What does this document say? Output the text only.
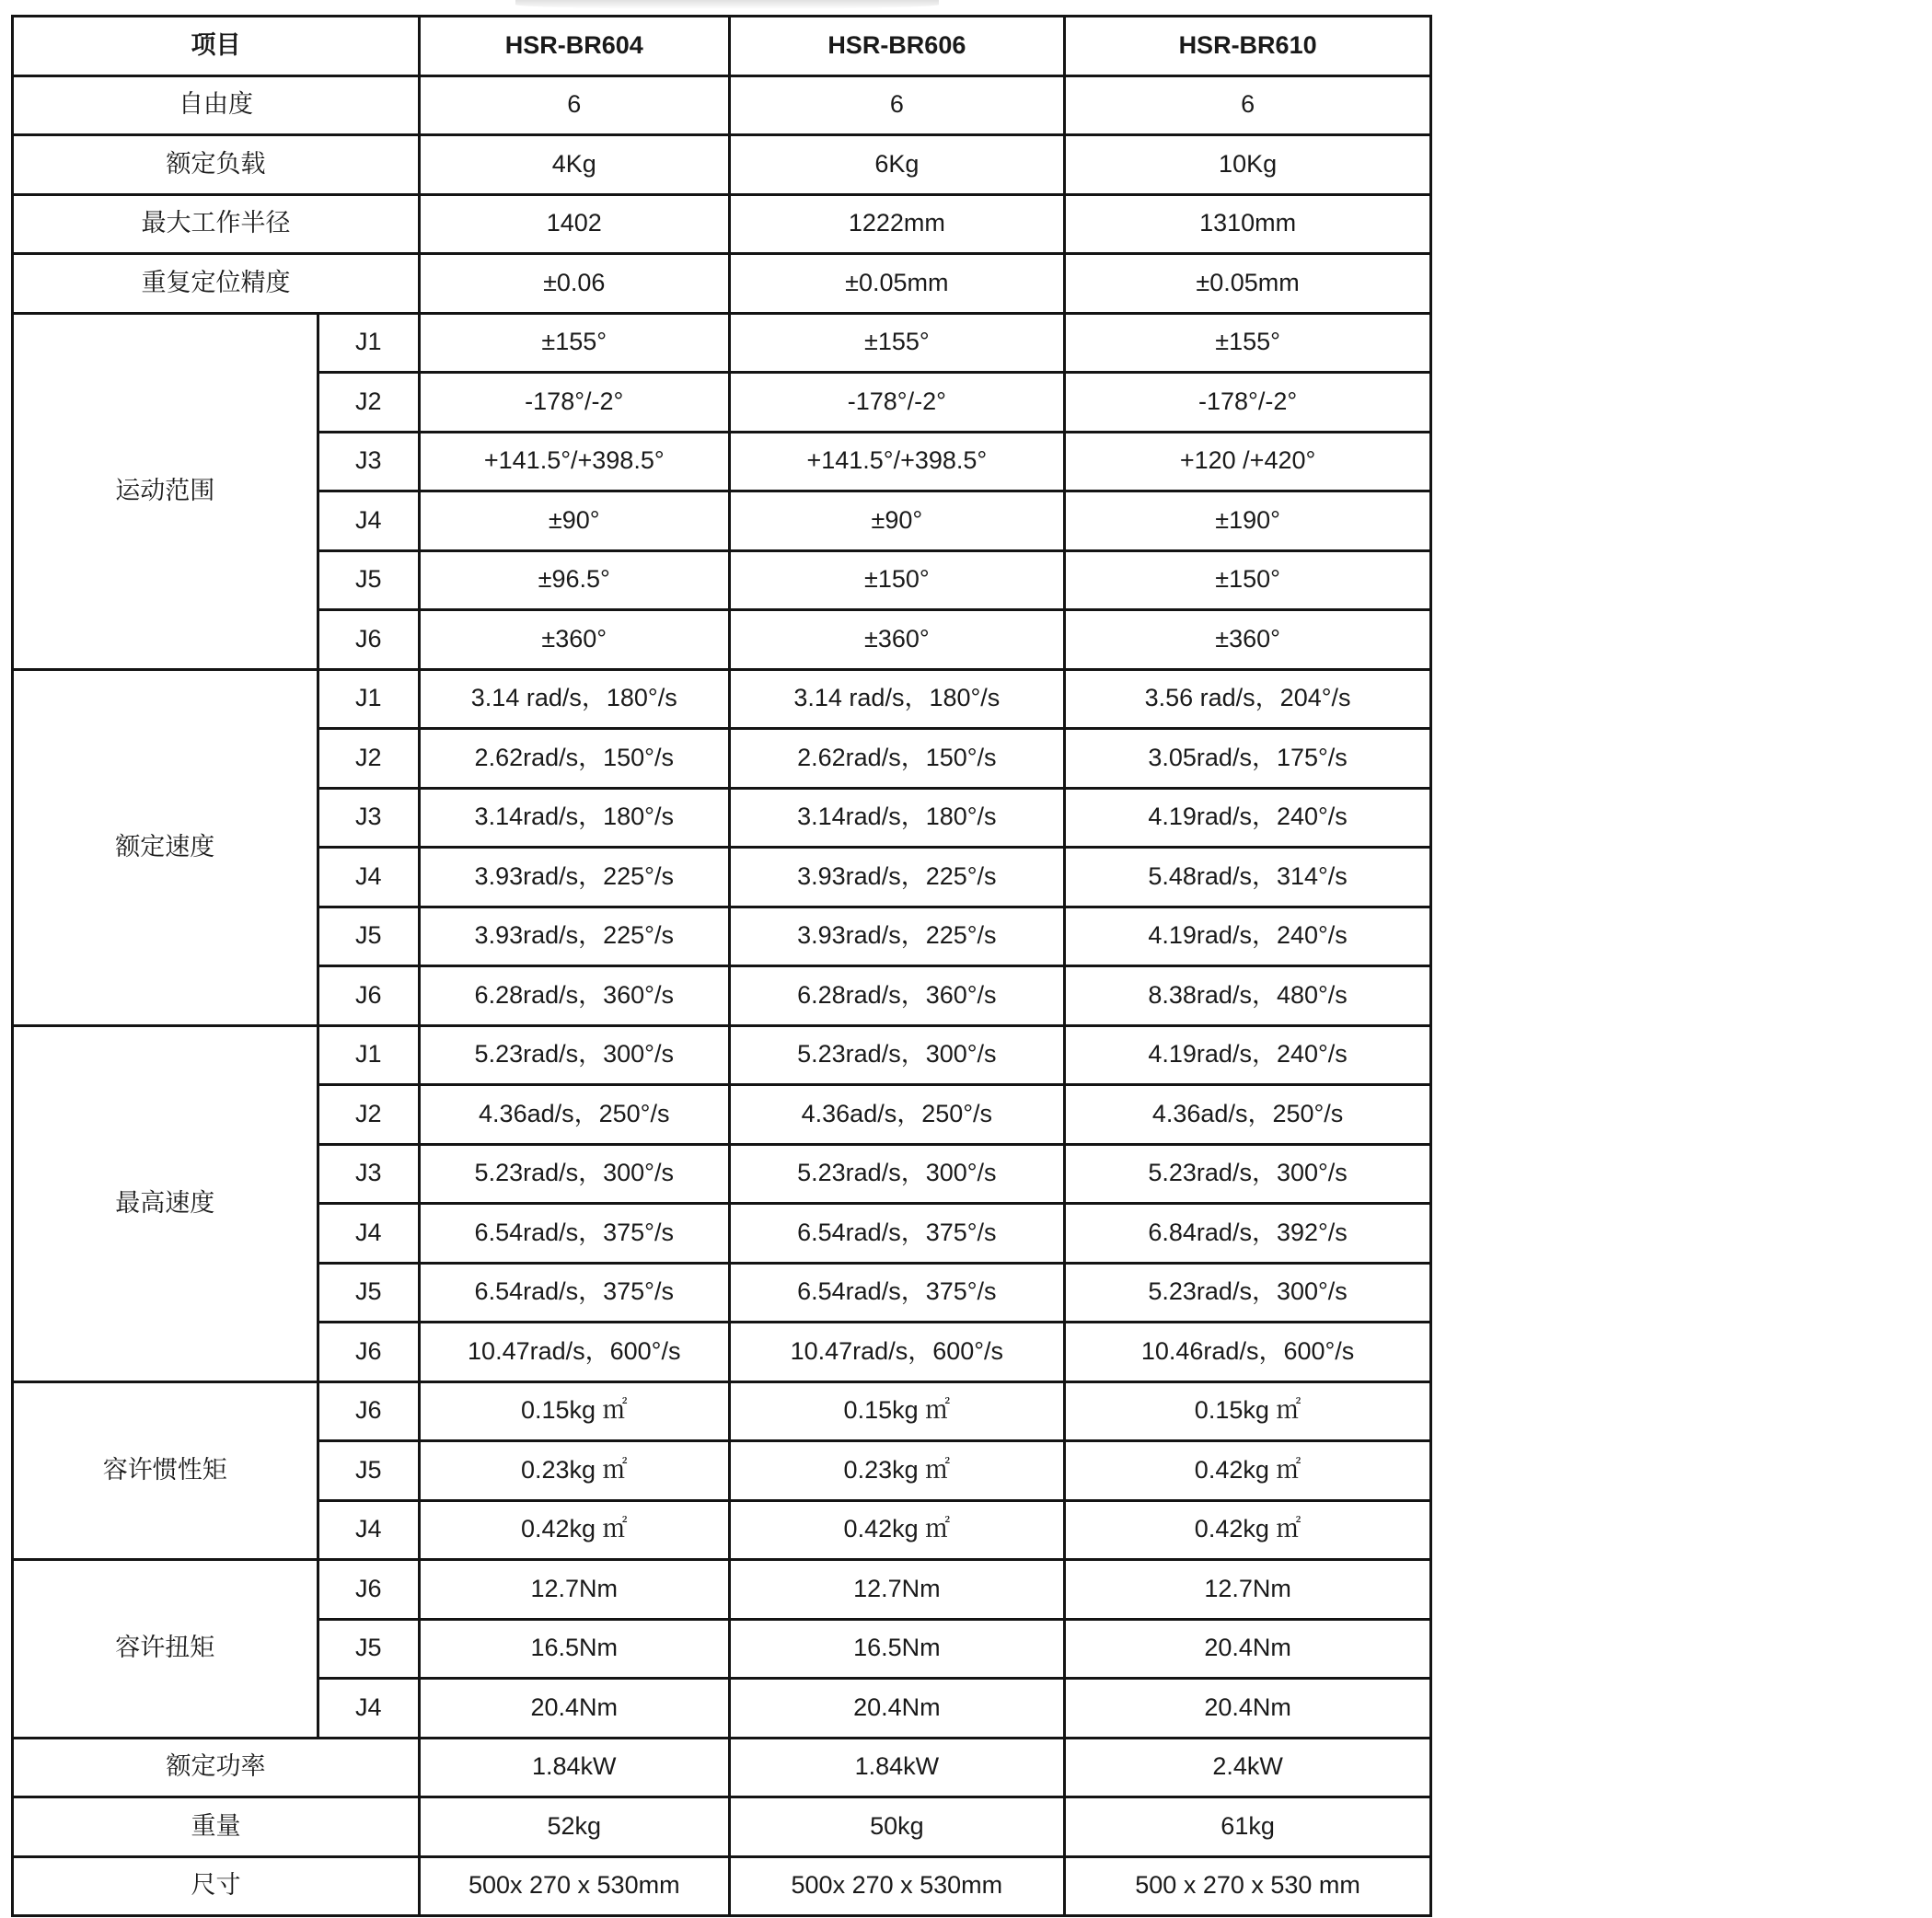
项目		HSR-BR604	HSR-BR606	HSR-BR610
自由度		6	6	6
额定负载		4Kg	6Kg	10Kg
最大工作半径		1402	1222mm	1310mm
重复定位精度		±0.06	±0.05mm	±0.05mm
运动范围	J1	±155°	±155°	±155°
	J2	-178°/-2°	-178°/-2°	-178°/-2°
	J3	+141.5°/+398.5°	+141.5°/+398.5°	+120 /+420°
	J4	±90°	±90°	±190°
	J5	±96.5°	±150°	±150°
	J6	±360°	±360°	±360°
额定速度	J1	3.14 rad/s，180°/s	3.14 rad/s，180°/s	3.56 rad/s，204°/s
	J2	2.62rad/s，150°/s	2.62rad/s，150°/s	3.05rad/s，175°/s
	J3	3.14rad/s，180°/s	3.14rad/s，180°/s	4.19rad/s，240°/s
	J4	3.93rad/s，225°/s	3.93rad/s，225°/s	5.48rad/s，314°/s
	J5	3.93rad/s，225°/s	3.93rad/s，225°/s	4.19rad/s，240°/s
	J6	6.28rad/s，360°/s	6.28rad/s，360°/s	8.38rad/s，480°/s
最高速度	J1	5.23rad/s，300°/s	5.23rad/s，300°/s	4.19rad/s，240°/s
	J2	4.36ad/s，250°/s	4.36ad/s，250°/s	4.36ad/s，250°/s
	J3	5.23rad/s，300°/s	5.23rad/s，300°/s	5.23rad/s，300°/s
	J4	6.54rad/s，375°/s	6.54rad/s，375°/s	6.84rad/s，392°/s
	J5	6.54rad/s，375°/s	6.54rad/s，375°/s	5.23rad/s，300°/s
	J6	10.47rad/s，600°/s	10.47rad/s，600°/s	10.46rad/s，600°/s
容许惯性矩	J6	0.15kg ㎡	0.15kg ㎡	0.15kg ㎡
	J5	0.23kg ㎡	0.23kg ㎡	0.42kg ㎡
	J4	0.42kg ㎡	0.42kg ㎡	0.42kg ㎡
容许扭矩	J6	12.7Nm	12.7Nm	12.7Nm
	J5	16.5Nm	16.5Nm	20.4Nm
	J4	20.4Nm	20.4Nm	20.4Nm
额定功率		1.84kW	1.84kW	2.4kW
重量		52kg	50kg	61kg
尺寸		500x 270 x 530mm	500x 270 x 530mm	500 x 270 x 530 mm
